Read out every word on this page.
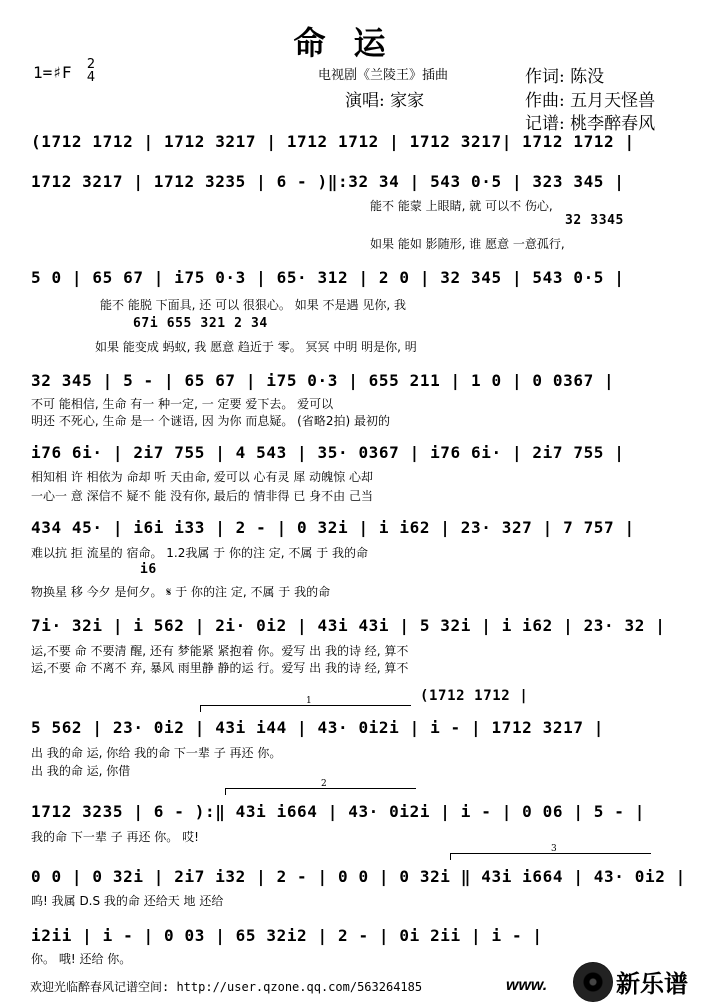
命运
1=♯F 2
4	电视剧《兰陵王》插曲
演唱: 家家
作词: 陈没
作曲: 五月天怪兽
记谱: 桃李醉春风
(1712 1712 | 1712 3217 | 1712 1712 | 1712 3217| 1712 1712 |
1712 3217 | 1712 3235 | 6 - )‖:32 34 | 543 0·5 | 323 345 |
能不 能蒙 上眼睛, 就 可以不 伤心,
32 3345
如果 能如 影随形, 谁 愿意 一意孤行,
5 0 | 65 67 | i75 0·3 | 65· 312 | 2 0 | 32 345 | 543 0·5 |
能不 能脱 下面具, 还 可以 很狠心。 如果 不是遇 见你, 我
67i 655 321 2 34
如果 能变成 蚂蚁, 我 愿意 趋近于 零。 冥冥 中明 明是你, 明
32 345 | 5 - | 65 67 | i75 0·3 | 655 211 | 1 0 | 0 0367 |
不可 能相信, 生命 有一 种一定, 一 定要 爱下去。 爱可以
明还 不死心, 生命 是一 个谜语, 因 为你 而息疑。 (省略2拍) 最初的
i76 6i· | 2i7 755 | 4 543 | 35· 0367 | i76 6i· | 2i7 755 |
相知相 许 相依为 命却 听 天由命, 爱可以 心有灵 犀 动魄惊 心却
一心一 意 深信不 疑不 能 没有你, 最后的 情非得 已 身不由 己当
434 45· | i6i i33 | 2 - | 0 32i | i i62 | 23· 327 | 7 757 |
难以抗 拒 流星的 宿命。 1.2我属 于 你的注 定, 不属 于 我的命
i6
物换星 移 今夕 是何夕。 𝄋 于 你的注 定, 不属 于 我的命
7i· 32i | i 562 | 2i· 0i2 | 43i 43i | 5 32i | i i62 | 23· 32 |
运,不要 命 不要清 醒, 还有 梦能紧 紧抱着 你。爱写 出 我的诗 经, 算不
运,不要 命 不离不 弃, 暴风 雨里静 静的运 行。爱写 出 我的诗 经, 算不
(1712 1712 |
1
5 562 | 23· 0i2 | 43i i44 | 43· 0i2i | i - | 1712 3217 |
出 我的命 运, 你给 我的命 下一辈 子 再还 你。
出 我的命 运, 你借
2
1712 3235 | 6 - ):‖ 43i i664 | 43· 0i2i | i - | 0 06 | 5 - |
我的命 下一辈 子 再还 你。 哎!
3
0 0 | 0 32i | 2i7 i32 | 2 - | 0 0 | 0 32i ‖ 43i i664 | 43· 0i2 |
呜! 我属 D.S 我的命 还给天 地 还给
i2ii | i - | 0 03 | 65 32i2 | 2 - | 0i 2ii | i - |
你。 哦! 还给 你。
欢迎光临醉春风记谱空间: http://user.qzone.qq.com/563264185	www.	新乐谱
